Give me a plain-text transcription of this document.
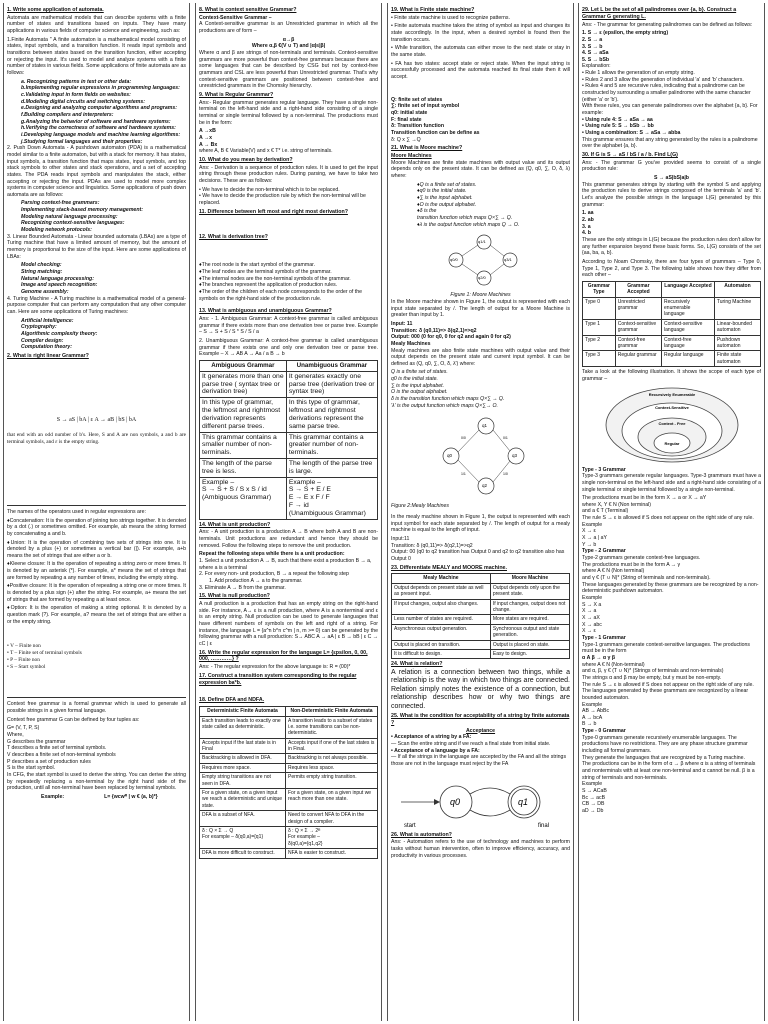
1. Write some application of automata.

Automata are mathematical models that can describe systems with a finite number of states and transitions based on inputs. They have many applications in various fields of computer science and engineering, such as:

1.Finite Automata " A finite automaton is a mathematical model consisting of states, input symbols, and a transition function. It reads input symbols and transitions between states based on the transition function, either accepting or rejecting the input. It's used to model and analyze systems with a finite number of states in various fields. Some applications of finite automata are as follows:

a. Recognizing patterns in text or other data:
b.Implementing regular expressions in programming languages:
c.Validating input in form fields on websites:
d.Modeling digital circuits and switching systems:
e.Designing and analyzing computer algorithms and programs:
f.Building compilers and interpreters:
g.Analyzing the behavior of software and hardware systems:
h.Verifying the correctness of software and hardware systems:
i.Developing language models and machine learning algorithms:
j.Studying formal languages and their properties:

2. Push Down Automata - A pushdown automaton (PDA) is a mathematical model similar to a finite automaton, but with a stack for memory. It has states, input symbols, a transition function that maps states, input symbols, and top stack symbols to other states and stack operations, and a set of accepting states. The PDA reads input symbols and manipulates the stack, either accepting or rejecting the input. PDAs are used to model more complex systems in computer science and linguistics. Some applications of push down automata are as follows:

Parsing context-free grammars:
Implementing stack-based memory management:
Modeling natural language processing:
Recognizing context-sensitive languages:
Modeling network protocols:

3. Linear Bounded Automata - Linear bounded automata (LBAs) are a type of Turing machine that have a limited amount of memory, but the amount of memory is proportional to the size of the input. Here are some applications of LBAs:

Model checking:
String matching:
Natural language processing:
Image and speech recognition:
Genome assembly:

4. Turing Machine - A Turing machine is a mathematical model of a general-purpose computer that can perform any computation that any other computer can. Here are some applications of Turing machines:

Artificial Intelligence:
Cryptography:
Algorithmic complexity theory:
Compiler design:
Computation theory:
2. What is right linear Grammar?
S → aS | bA | ε A → aB | bS | bA

that end with an odd number of b's. Here, S and A are non symbols, a and b are terminal symbols, and ε is the empty string.

The names of the operators used in regular expressions are:

♦Concatenation: It is the operation of joining two strings together. It is denoted by a dot (.) or sometimes omitted. For example, ab means the string formed by concatenating a and b.

♦Union: It is the operation of combining two sets of strings into one. It is denoted by a plus (+) or sometimes a vertical bar (|). For example, a+b means the set of strings that are either a or b.

♦Kleene closure: It is the operation of repeating a string zero or more times. It is denoted by an asterisk (*). For example, a* means the set of strings that are formed by repeating a any number of times, including the empty string.

♦Positive closure: It is the operation of repeating a string one or more times. It is denoted by a plus sign (+) after the string. For example, a+ means the set of strings that are formed by repeating a at least once.

♦Option: It is the operation of making a string optional. It is denoted by a question mark (?). For example, a? means the set of strings that are either a or the empty string.

• V – Finite non
• T – Finite set of terminal symbols
• P – Finite non
• S – Start symbol

Context free grammar is a formal grammar which is used to generate all possible strings in a given formal language.

Context free grammar G can be defined by four tuples as:

G= (V, T, P, S)
Where,
G describes the grammar
T describes a finite set of terminal symbols.
V describes a finite set of non-terminal symbols
P describes a set of production rules
S is the start symbol.

In CFG, the start symbol is used to derive the string. You can derive the string by repeatedly replacing a non-terminal by the right hand side of the production, until all non-terminal have been replaced by terminal symbols.

Example:	L= {wcwᴿ | w € (a, b)*}
8. What is context sensitive Grammar?
Context-Sensitive Grammar –

A Context-sensitive grammar is an Unrestricted grammar in which all the productions are of form –

α→β
Where α,β €(V ∪ T) and |α|≤|β|

Where α and β are strings of non-terminals and terminals. Context-sensitive grammars are more powerful than context-free grammars because there are some languages that can be described by CSG but not by context-free grammars and CSL are less powerful than Unrestricted grammar. That's why context-sensitive grammars are positioned between context-free and unrestricted grammars in the Chomsky hierarchy.

9. What is Regular Grammar?

Ans:- Regular grammar generates regular language. They have a single non-terminal on the left-hand side and a right-hand side consisting of a single terminal or single terminal followed by a non-terminal. The productions must be in the form:

A →xB
A →x
A → Bx

where A, B € Variable(V) and x € T* i.e. string of terminals.

10. What do you mean by derivation?

Ans: - Derivation is a sequence of production rules. It is used to get the input string through these production rules. During parsing, we have to take two decisions. These are as follows:

• We have to decide the non-terminal which is to be replaced.
• We have to decide the production rule by which the non-terminal will be replaced.
11. Difference between left most and right most derivation?
12. What is derivation tree?
♦The root node is the start symbol of the grammar.
♦The leaf nodes are the terminal symbols of the grammar.
♦The internal nodes are the non-terminal symbols of the grammar.
♦The branches represent the application of production rules.
♦The order of the children of each node corresponds to the order of the symbols on the right-hand side of the production rule.
13. What is ambiguous and unambiguous Grammar?

Ans: - 1. Ambiguous Grammar: A context-free grammar is called ambiguous grammar if there exists more than one derivation tree or parse tree. Example – S → S + S / S * S / S / a

2. Unambiguous Grammar: A context-free grammar is called unambiguous grammar if there exists one and only one derivation tree or parse tree. Example – X → AB A → Aa / a B → b

Ambiguous Grammar	Unambiguous Grammar
It generates more than one parse tree ( syntax tree or derivation tree)	It generates exactly one parse tree (derivation tree or syntax tree)
In this type of grammar, the leftmost and rightmost derivation represents different parse trees.	In this type of grammar, leftmost and rightmost derivations represent the same parse tree.
This grammar contains a smaller number of non-terminals.	This grammar contains a greater number of non-terminals.
The length of the parse tree is less.	The length of the parse tree is large.
Example –
S → S + S / S x S / id
(Ambiguous Grammar)	Example –
S → S + E / E
E → E x F / F
F → id
(Unambiguous Grammar)
14. What is unit production?

Ans: - A unit production is a production A → B where both A and B are non-terminals. Unit productions are redundant and hence they should be removed. Follow the following steps to remove the unit production.

Repeat the following steps while there is a unit production:
1. Select a unit production A → B, such that there exist a production B → a, where a is a terminal
2. For every non- unit production, B → a repeat the following step
1. Add production A → a to the grammar.
3. Eliminate A → B from the grammar.
15. What is null production?

A null production is a production that has an empty string on the right-hand side. For instance, A→ ε is a null production, where A is a nonterminal and ε is an empty string. Null production can be used to generate languages that have different numbers of symbols on the left and right of a string. For instance, the language L = {a^n b^n c^m | n, m >= 0} can be generated by the following grammar with a null production: S→ ABC A → aA | ε B → bB | ε C → cC | ε

16. Write the regular expression for the language L= {εpsilon, 0, 00, 000, …………} ?

Ans: - The regular expression for the above language is: R = (00)*

17. Construct a transition system corresponding to the regular expression ba*b.
18. Define DFA and NDFA.
Deterministic Finite Automata	Non-Deterministic Finite Automata
Each transition leads to exactly one state called as deterministic.	A transition leads to a subset of states i.e. some transitions can be non-deterministic.
Accepts input if the last state is in Final	Accepts input if one of the last states is in Final.
Backtracking is allowed in DFA.	Backtracking is not always possible.
Requires more space.	Requires less space.
Empty string transitions are not seen in DFA.	Permits empty string transition.
For a given state, on a given input we reach a deterministic and unique state.	For a given state, on a given input we reach more than one state.
DFA is a subset of NFA.	Need to convert NFA to DFA in the design of a compiler.
δ : Q × Σ → Q
For example – δ(q0,a)={q1}	δ : Q × Σ → 2ᴿ
For example –
δ(q0,a)={q1,q2}
DFA is more difficult to construct.	NFA is easier to construct.
19. What is Finite state machine?

• Finite state machine is used to recognize patterns.

• Finite automata machine takes the string of symbol as input and changes its state accordingly. In the input, when a desired symbol is found then the transition occurs.

• While transition, the automata can either move to the next state or stay in the same state.

• FA has two states: accept state or reject state. When the input string is successfully processed and the automata reached its final state then it will accept.

Q: finite set of states
∑: finite set of input symbol
q0: initial state
F: final state
δ: Transition function
Transition function can be define as
δ: Q x ∑ →Q
21. What is Moore machine?
Moore Machines

Moore Machines are finite state machines with output value and its output depends only on the present state. It can be defined as (Q, q0, ∑, O, δ, λ) where:

♦Q is a finite set of states.
♦q0 is the initial state.
♦∑ is the input alphabet.
♦O is the output alphabet.
♦δ is the
transition function which maps Q×∑ → Q.
♦λ is the output function which maps Q → O.
q0/0
q1/1
q2/0
q3/1
Figure 1: Moore Machines

In the Moore machine shown in Figure 1, the output is represented with each input state separated by /. The length of output for a Moore Machine is greater than input by 1.

Input: 11
Transition: δ (q0,11)=> δ(q2,1)=>q2
Output: 000 (0 for q0, 0 for q2 and again 0 for q2)
Mealy Machines

Mealy machines are also finite state machines with output value and their output depends on the present state and current input symbol. It can be defined as (Q, q0, ∑, O, δ, λ') where:

Q is a finite set of states.
q0 is the initial state.
∑ is the input alphabet.
O is the output alphabet.
δ is the transition function which maps Q×∑ → Q.
'λ' is the output function which maps Q×∑→ O.
q0
q1
q2
q3
0/0
1/1
0/1
1/0
Figure 2:Mealy Machines

In the mealy machine shown in Figure 1, the output is represented with each input symbol for each state separated by /. The length of output for a mealy machine is equal to the length of input.

Input:11
Transition: δ (q0,11)=> δ(q2,1)=>q2
Output: 00 (q0 to q2 transition has Output 0 and q2 to q2 transition also has Output 0
23. Differentiate MEALY and MOORE machine.
Mealy Machine	Moore Machine
Output depends on present state as well as present input.	Output depends only upon the present state.
If input changes, output also changes.	If input changes, output does not change.
Less number of states are required.	More states are required.
Asynchronous output generation.	Synchronous output and state generation.
Output is placed on transition.	Output is placed on state.
It is difficult to design.	Easy to design.
24. What is relation?

A relation is a connection between two things, while a relationship is the way in which two things are connected. Relation simply notes the existence of a connection, but relationship describes how or why two things are connected.

25. What is the condition for acceptability of a string by finite automata ?
Acceptance
• Acceptance of a string by a FA:
— Scan the entire string and if we reach a final state from initial state.
• Acceptance of a language by a FA:
— If all the strings in the language are accepted by the FA and all the strings those are not in the language must reject by the FA
q0	q1
start	final
26. What is automation?

Ans: - Automation refers to the use of technology and machines to perform tasks without human intervention, often to improve efficiency, accuracy, and productivity in various processes.

29. Let L be the set of all palindromes over {a, b}. Construct a Grammar G generating L.

Ans: - The grammar for generating palindromes can be defined as follows:

1. S → ε (epsilon, the empty string)
2. S → a
3. S → b
4. S → aSa
5. S → bSb
Explanation:
• Rule 1 allows the generation of an empty string.
• Rules 2 and 3 allow the generation of individual 'a' and 'b' characters.
• Rules 4 and 5 are recursive rules, indicating that a palindrome can be constructed by surrounding a smaller palindrome with the same character (either 'a' or 'b').
With these rules, you can generate palindromes over the alphabet {a, b}. For example:
• Using rule 4: S → aSa → aa
• Using rule 5: S → bSb → bb
• Using a combination: S → aSa → abba
This grammar ensures that any string generated by the rules is a palindrome over the alphabet {a, b}.
30. If G is S → aS / bS / a / b. Find L(G)

Ans: - The grammar G you've provided seems to consist of a single production rule:

S → aS|bS|a|b

This grammar generates strings by starting with the symbol S and applying the production rules to derive strings composed of the terminals 'a' and 'b'. Let's analyze the possible strings in the language L(G) generated by this grammar:

1. aa
2. ab
3. a
4. b

These are the only strings in L(G) because the production rules don't allow for any further expansion beyond these basic forms. So, L(G) consists of the set {aa, ba, a, b}.

According to Noam Chomsky, there are four types of grammars – Type 0, Type 1, Type 2, and Type 3. The following table shows how they differ from each other –

Grammar Type	Grammar Accepted	Language Accepted	Automaton
Type 0	Unrestricted grammar	Recursively enumerable language	Turing Machine
Type 1	Context-sensitive grammar	Context-sensitive language	Linear-bounded automaton
Type 2	Context-free grammar	Context-free language	Pushdown automaton
Type 3	Regular grammar	Regular language	Finite state automaton

Take a look at the following illustration. It shows the scope of each type of grammar –

Recursively Enumerable
Context-Sensitive
Context - Free
Regular
Type - 3 Grammar

Type-3 grammars generate regular languages. Type-3 grammars must have a single non-terminal on the left-hand side and a right-hand side consisting of a single terminal or single terminal followed by a single non-terminal.

The productions must be in the form X → a or X → aY
where X, Y € N (Non terminal)
and a € T (Terminal)
The rule S → ε is allowed if S does not appear on the right side of any rule.
Example
X → ε
X → a | aY
Y → b
Type - 2 Grammar
Type-2 grammars generate context-free languages.
The productions must be in the form A → γ
where A € N (Non terminal)
and γ € (T ∪ N)* (String of terminals and non-terminals).
These languages generated by these grammars are be recognized by a non-deterministic pushdown automaton.
Example
S → X a
X → a
X → aX
X → abc
X → ε
Type - 1 Grammar
Type-1 grammars generate context-sensitive languages. The productions must be in the form
α A β → α γ β
where A € N (Non-terminal)
and α, β, γ € (T ∪ N)* (Strings of terminals and non-terminals)
The strings α and β may be empty, but γ must be non-empty.
The rule S → ε is allowed if S does not appear on the right side of any rule. The languages generated by these grammars are recognized by a linear bounded automaton.
Example
AB → AbBc
A → bcA
B → b
Type - 0 Grammar
Type-0 grammars generate recursively enumerable languages. The productions have no restrictions. They are any phase structure grammar including all formal grammars.
They generate the languages that are recognized by a Turing machine.
The productions can be in the form of α → β where α is a string of terminals and nonterminals with at least one non-terminal and α cannot be null. β is a string of terminals and non-terminals.
Example
S → ACaB
Bc → acB
CB → DB
aD → Db
